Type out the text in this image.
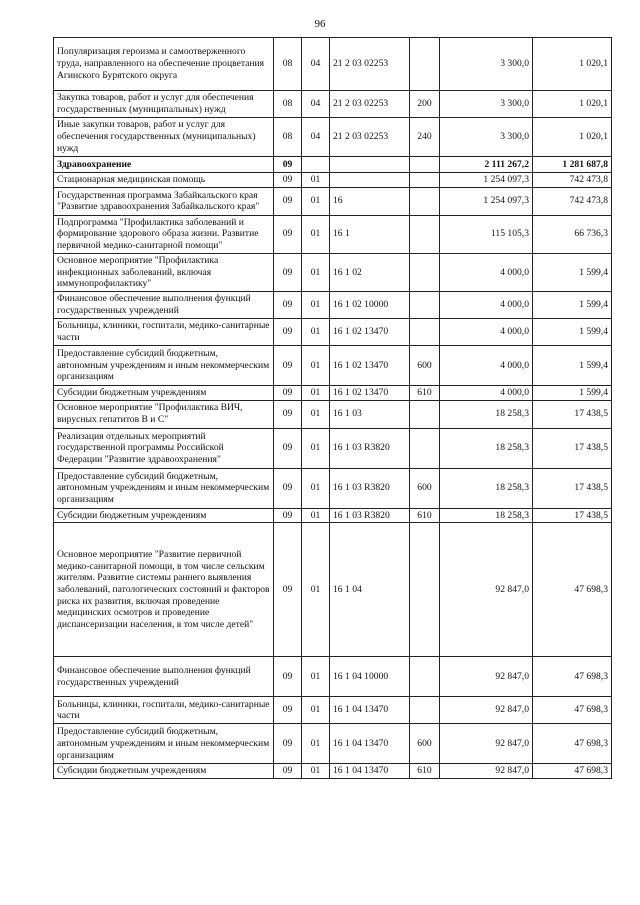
96
Популяризация героизма и самоотверженного труда, направленного на обеспечение процветания Агинского Бурятского округа	08	04	21 2 03 02253		3 300,0	1 020,1
Закупка товаров, работ и услуг для обеспечения государственных (муниципальных) нужд	08	04	21 2 03 02253	200	3 300,0	1 020,1
Иные закупки товаров, работ и услуг для обеспечения государственных (муниципальных) нужд	08	04	21 2 03 02253	240	3 300,0	1 020,1
Здравоохранение	09				2 111 267,2	1 281 687,8
Стационарная медицинская помощь	09	01			1 254 097,3	742 473,8
Государственная программа Забайкальского края "Развитие здравоохранения Забайкальского края"	09	01	16		1 254 097,3	742 473,8
Подпрограмма "Профилактика заболеваний и формирование здорового образа жизни. Развитие первичной медико-санитарной помощи"	09	01	16 1		115 105,3	66 736,3
Основное мероприятие "Профилактика инфекционных заболеваний, включая иммунопрофилактику"	09	01	16 1 02		4 000,0	1 599,4
Финансовое обеспечение выполнения функций государственных учреждений	09	01	16 1 02 10000		4 000,0	1 599,4
Больницы, клиники, госпитали, медико-санитарные части	09	01	16 1 02 13470		4 000,0	1 599,4
Предоставление субсидий бюджетным, автономным учреждениям и иным некоммерческим организациям	09	01	16 1 02 13470	600	4 000,0	1 599,4
Субсидии бюджетным учреждениям	09	01	16 1 02 13470	610	4 000,0	1 599,4
Основное мероприятие "Профилактика ВИЧ, вирусных гепатитов В и С"	09	01	16 1 03		18 258,3	17 438,5
Реализация отдельных мероприятий государственной программы Российской Федерации "Развитие здравоохранения"	09	01	16 1 03 R3820		18 258,3	17 438,5
Предоставление субсидий бюджетным, автономным учреждениям и иным некоммерческим организациям	09	01	16 1 03 R3820	600	18 258,3	17 438,5
Субсидии бюджетным учреждениям	09	01	16 1 03 R3820	610	18 258,3	17 438,5
Основное мероприятие "Развитие первичной медико-санитарной помощи, в том числе сельским жителям. Развитие системы раннего выявления заболеваний, патологических состояний и факторов риска их развития, включая проведение медицинских осмотров и проведение диспансеризации населения, в том числе детей"	09	01	16 1 04		92 847,0	47 698,3
Финансовое обеспечение выполнения функций государственных учреждений	09	01	16 1 04 10000		92 847,0	47 698,3
Больницы, клиники, госпитали, медико-санитарные части	09	01	16 1 04 13470		92 847,0	47 698,3
Предоставление субсидий бюджетным, автономным учреждениям и иным некоммерческим организациям	09	01	16 1 04 13470	600	92 847,0	47 698,3
Субсидии бюджетным учреждениям	09	01	16 1 04 13470	610	92 847,0	47 698,3
